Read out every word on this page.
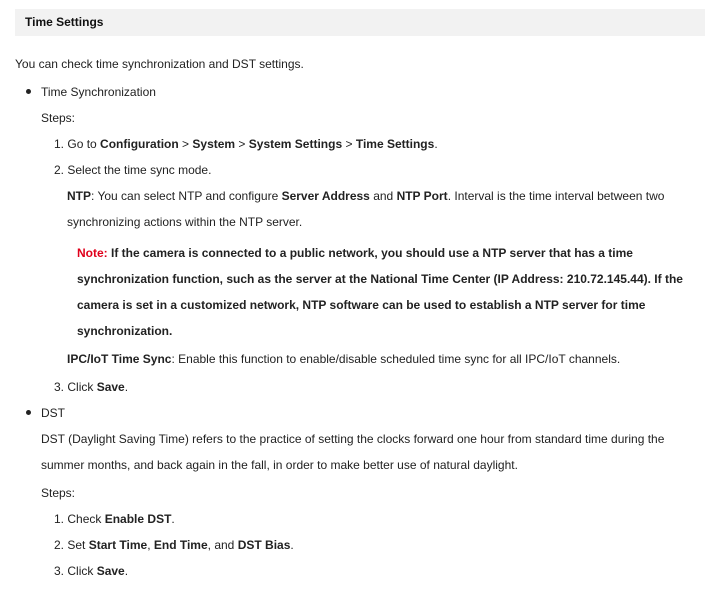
Time Settings
You can check time synchronization and DST settings.
Time Synchronization
Steps:
1. Go to Configuration > System > System Settings > Time Settings.
2. Select the time sync mode.
NTP: You can select NTP and configure Server Address and NTP Port. Interval is the time interval between two
synchronizing actions within the NTP server.
Note: If the camera is connected to a public network, you should use a NTP server that has a time
synchronization function, such as the server at the National Time Center (IP Address: 210.72.145.44). If the
camera is set in a customized network, NTP software can be used to establish a NTP server for time
synchronization.
IPC/IoT Time Sync: Enable this function to enable/disable scheduled time sync for all IPC/IoT channels.
3. Click Save.
DST
DST (Daylight Saving Time) refers to the practice of setting the clocks forward one hour from standard time during the
summer months, and back again in the fall, in order to make better use of natural daylight.
Steps:
1. Check Enable DST.
2. Set Start Time, End Time, and DST Bias.
3. Click Save.
